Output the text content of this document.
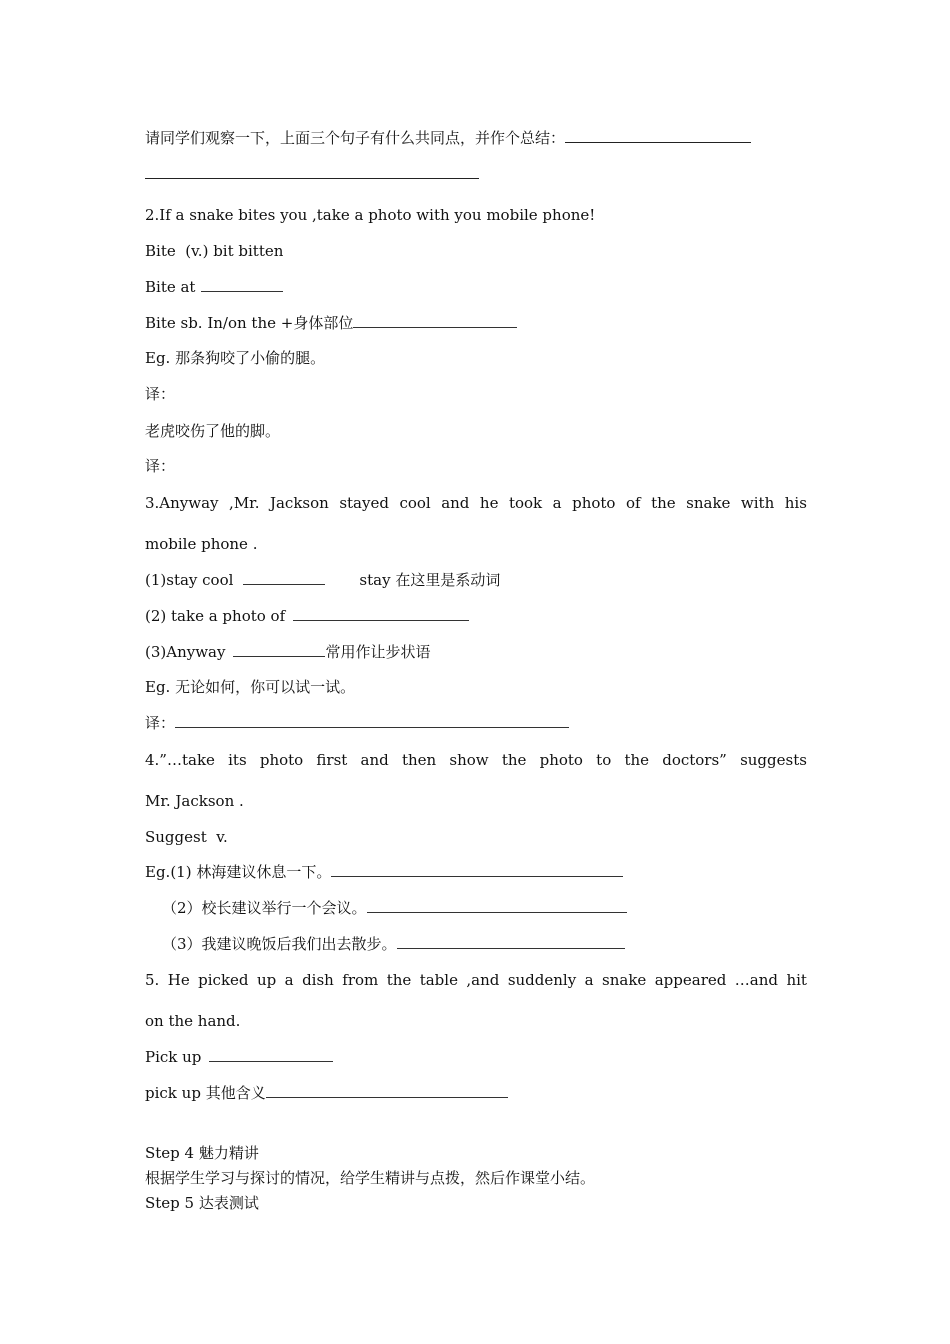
请同学们观察一下，上面三个句子有什么共同点，并作个总结：
2.If a snake bites you ,take a photo with you mobile phone!
Bite  (v.) bit bitten
Bite at
Bite sb. In/on the +身体部位
Eg. 那条狗咬了小偷的腿。
译：
老虎咬伤了他的脚。
译：
3.Anyway ,Mr. Jackson stayed cool and he took a photo of the snake with his
mobile phone .
(1)stay cool	stay 在这里是系动词
(2) take a photo of
(3)Anyway	常用作让步状语
Eg. 无论如何，你可以试一试。
译：
4.”…take its photo first and then show the photo to the doctors” suggests
Mr. Jackson .
Suggest  v.
Eg.(1) 林海建议休息一下。
（2）校长建议举行一个会议。
（3）我建议晚饭后我们出去散步。
5. He picked up a dish from the table ,and suddenly a snake appeared …and hit
on the hand.
Pick up
pick up 其他含义
Step 4 魅力精讲
根据学生学习与探讨的情况，给学生精讲与点拨，然后作课堂小结。
Step 5 达表测试
